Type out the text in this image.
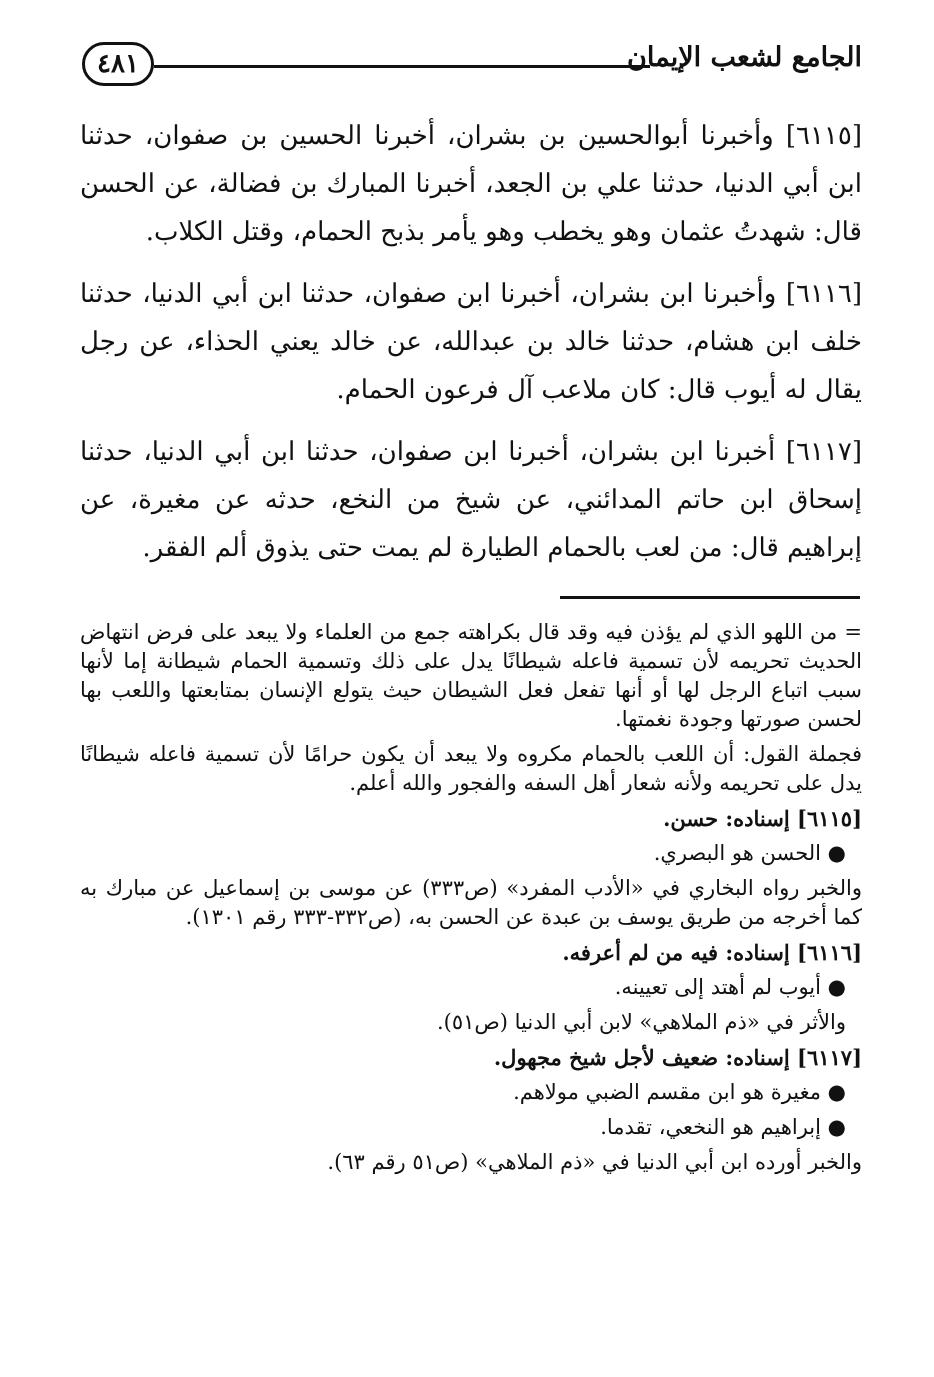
٤٨١	الجامع لشعب الإيمان

[٦١١٥] وأخبرنا أبوالحسين بن بشران، أخبرنا الحسين بن صفوان، حدثنا ابن أبي الدنيا، حدثنا علي بن الجعد، أخبرنا المبارك بن فضالة، عن الحسن قال: شهدتُ عثمان وهو يخطب وهو يأمر بذبح الحمام، وقتل الكلاب.

[٦١١٦] وأخبرنا ابن بشران، أخبرنا ابن صفوان، حدثنا ابن أبي الدنيا، حدثنا خلف ابن هشام، حدثنا خالد بن عبدالله، عن خالد يعني الحذاء، عن رجل يقال له أيوب قال: كان ملاعب آل فرعون الحمام.

[٦١١٧] أخبرنا ابن بشران، أخبرنا ابن صفوان، حدثنا ابن أبي الدنيا، حدثنا إسحاق ابن حاتم المدائني، عن شيخ من النخع، حدثه عن مغيرة، عن إبراهيم قال: من لعب بالحمام الطيارة لم يمت حتى يذوق ألم الفقر.

= من اللهو الذي لم يؤذن فيه وقد قال بكراهته جمع من العلماء ولا يبعد على فرض انتهاض الحديث تحريمه لأن تسمية فاعله شيطانًا يدل على ذلك وتسمية الحمام شيطانة إما لأنها سبب اتباع الرجل لها أو أنها تفعل فعل الشيطان حيث يتولع الإنسان بمتابعتها واللعب بها لحسن صورتها وجودة نغمتها.

فجملة القول: أن اللعب بالحمام مكروه ولا يبعد أن يكون حرامًا لأن تسمية فاعله شيطانًا يدل على تحريمه ولأنه شعار أهل السفه والفجور والله أعلم.

[٦١١٥] إسناده: حسن.

● الحسن هو البصري.

والخبر رواه البخاري في «الأدب المفرد» (ص٣٣٣) عن موسى بن إسماعيل عن مبارك به كما أخرجه من طريق يوسف بن عبدة عن الحسن به، (ص٣٣٢-٣٣٣ رقم ١٣٠١).

[٦١١٦] إسناده: فيه من لم أعرفه.

● أيوب لم أهتد إلى تعيينه.

والأثر في «ذم الملاهي» لابن أبي الدنيا (ص٥١).

[٦١١٧] إسناده: ضعيف لأجل شيخ مجهول.

● مغيرة هو ابن مقسم الضبي مولاهم.

● إبراهيم هو النخعي، تقدما.

والخبر أورده ابن أبي الدنيا في «ذم الملاهي» (ص٥١ رقم ٦٣).
